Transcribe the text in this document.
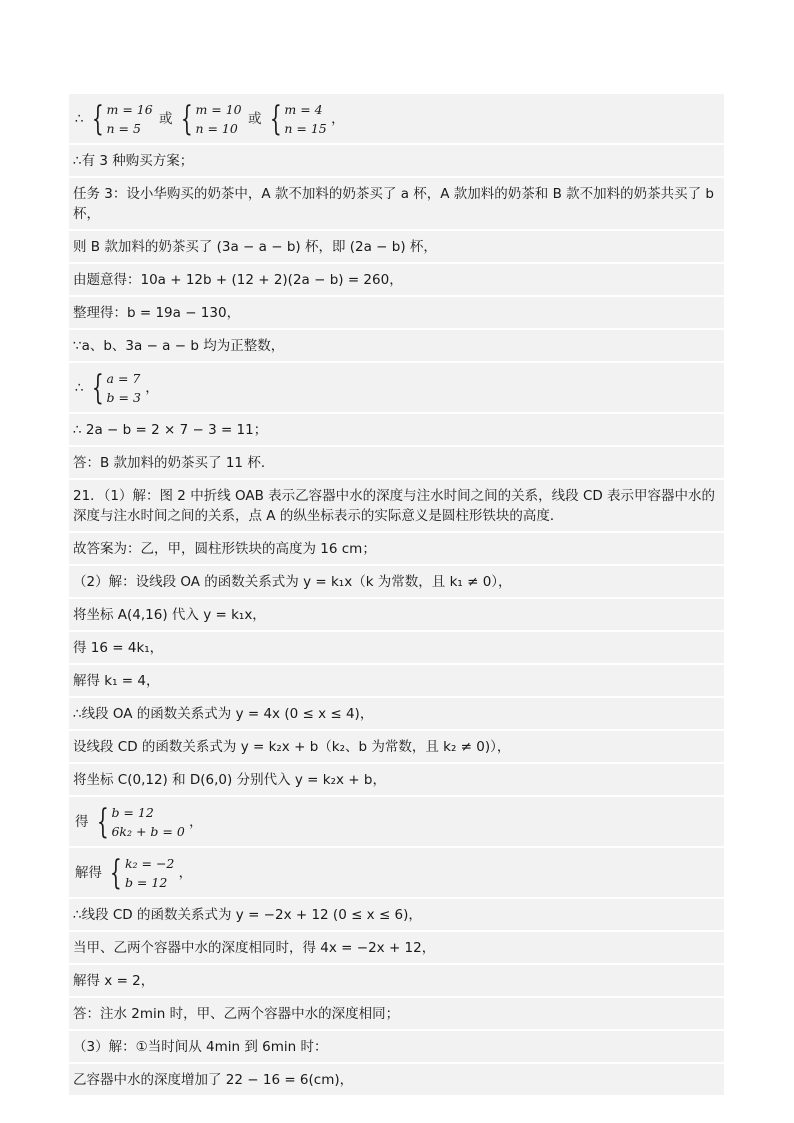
∴ { m = 16
n = 5
或 { m = 10
n = 10
或 { m = 4
n = 15
，
∴有 3 种购买方案；
任务 3：设小华购买的奶茶中，A 款不加料的奶茶买了 a 杯，A 款加料的奶茶和 B 款不加料的奶茶共买了 b 杯，
则 B 款加料的奶茶买了 (3a − a − b) 杯，即 (2a − b) 杯，
由题意得：10a + 12b + (12 + 2)(2a − b) = 260，
整理得：b = 19a − 130，
∵a、b、3a − a − b 均为正整数，
∴ { a = 7
b = 3
，
∴ 2a − b = 2 × 7 − 3 = 11；
答：B 款加料的奶茶买了 11 杯．
21．（1）解：图 2 中折线 OAB 表示乙容器中水的深度与注水时间之间的关系，线段 CD 表示甲容器中水的深度与注水时间之间的关系，点 A 的纵坐标表示的实际意义是圆柱形铁块的高度．
故答案为：乙，甲，圆柱形铁块的高度为 16 cm；
（2）解：设线段 OA 的函数关系式为 y = k₁x（k 为常数，且 k₁ ≠ 0），
将坐标 A(4,16) 代入 y = k₁x，
得 16 = 4k₁，
解得 k₁ = 4，
∴线段 OA 的函数关系式为 y = 4x (0 ≤ x ≤ 4)，
设线段 CD 的函数关系式为 y = k₂x + b（k₂、b 为常数，且 k₂ ≠ 0)），
将坐标 C(0,12) 和 D(6,0) 分别代入 y = k₂x + b，
得 { b = 12
6k₂ + b = 0
，
解得 { k₂ = −2
b = 12
，
∴线段 CD 的函数关系式为 y = −2x + 12 (0 ≤ x ≤ 6)，
当甲、乙两个容器中水的深度相同时，得 4x = −2x + 12，
解得 x = 2，
答：注水 2min 时，甲、乙两个容器中水的深度相同；
（3）解：①当时间从 4min 到 6min 时：
乙容器中水的深度增加了 22 − 16 = 6(cm)，
